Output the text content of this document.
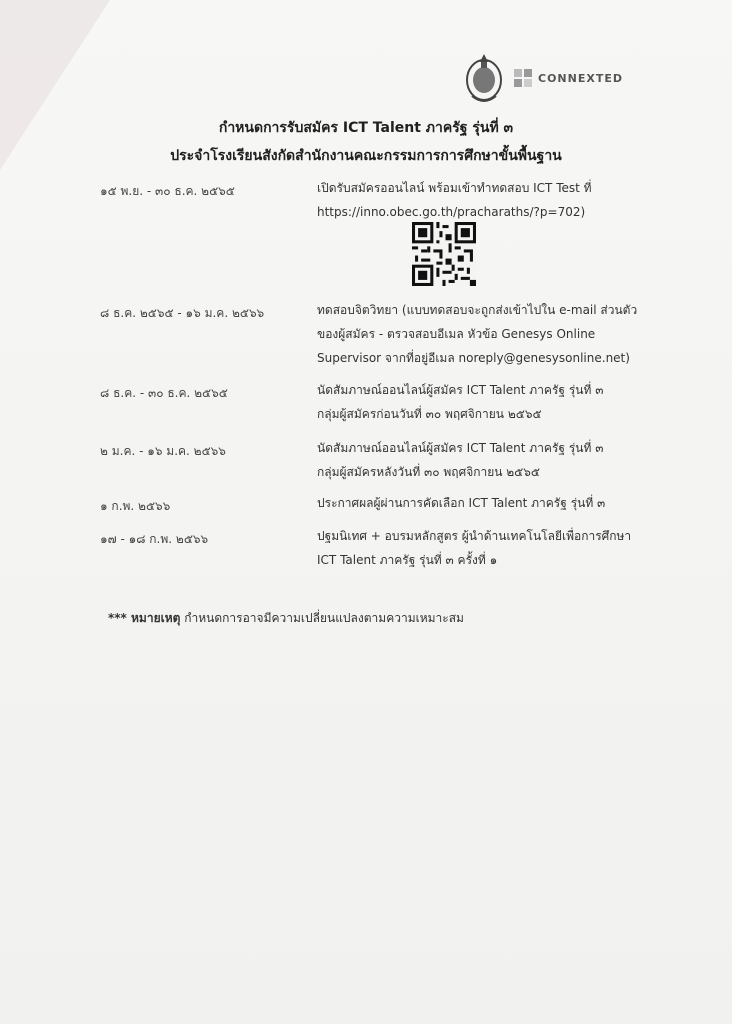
CONNEXTED
กำหนดการรับสมัคร ICT Talent ภาครัฐ รุ่นที่ ๓
ประจำโรงเรียนสังกัดสำนักงานคณะกรรมการการศึกษาขั้นพื้นฐาน
๑๕ พ.ย. - ๓๐ ธ.ค. ๒๕๖๕	เปิดรับสมัครออนไลน์ พร้อมเข้าทำทดสอบ ICT Test ที่
https://inno.obec.go.th/pracharaths/?p=702)
๘ ธ.ค. ๒๕๖๕ - ๑๖ ม.ค. ๒๕๖๖	ทดสอบจิตวิทยา (แบบทดสอบจะถูกส่งเข้าไปใน e-mail ส่วนตัว
ของผู้สมัคร - ตรวจสอบอีเมล หัวข้อ Genesys Online
Supervisor จากที่อยู่อีเมล noreply@genesysonline.net)
๘ ธ.ค. - ๓๐ ธ.ค. ๒๕๖๕	นัดสัมภาษณ์ออนไลน์ผู้สมัคร ICT Talent ภาครัฐ รุ่นที่ ๓
กลุ่มผู้สมัครก่อนวันที่ ๓๐ พฤศจิกายน ๒๕๖๕
๒ ม.ค. - ๑๖ ม.ค. ๒๕๖๖	นัดสัมภาษณ์ออนไลน์ผู้สมัคร ICT Talent ภาครัฐ รุ่นที่ ๓
กลุ่มผู้สมัครหลังวันที่ ๓๐ พฤศจิกายน ๒๕๖๕
๑ ก.พ. ๒๕๖๖	ประกาศผลผู้ผ่านการคัดเลือก ICT Talent ภาครัฐ รุ่นที่ ๓
๑๗ - ๑๘ ก.พ. ๒๕๖๖	ปฐมนิเทศ + อบรมหลักสูตร ผู้นำด้านเทคโนโลยีเพื่อการศึกษา
ICT Talent ภาครัฐ รุ่นที่ ๓ ครั้งที่ ๑
*** หมายเหตุ กำหนดการอาจมีความเปลี่ยนแปลงตามความเหมาะสม
